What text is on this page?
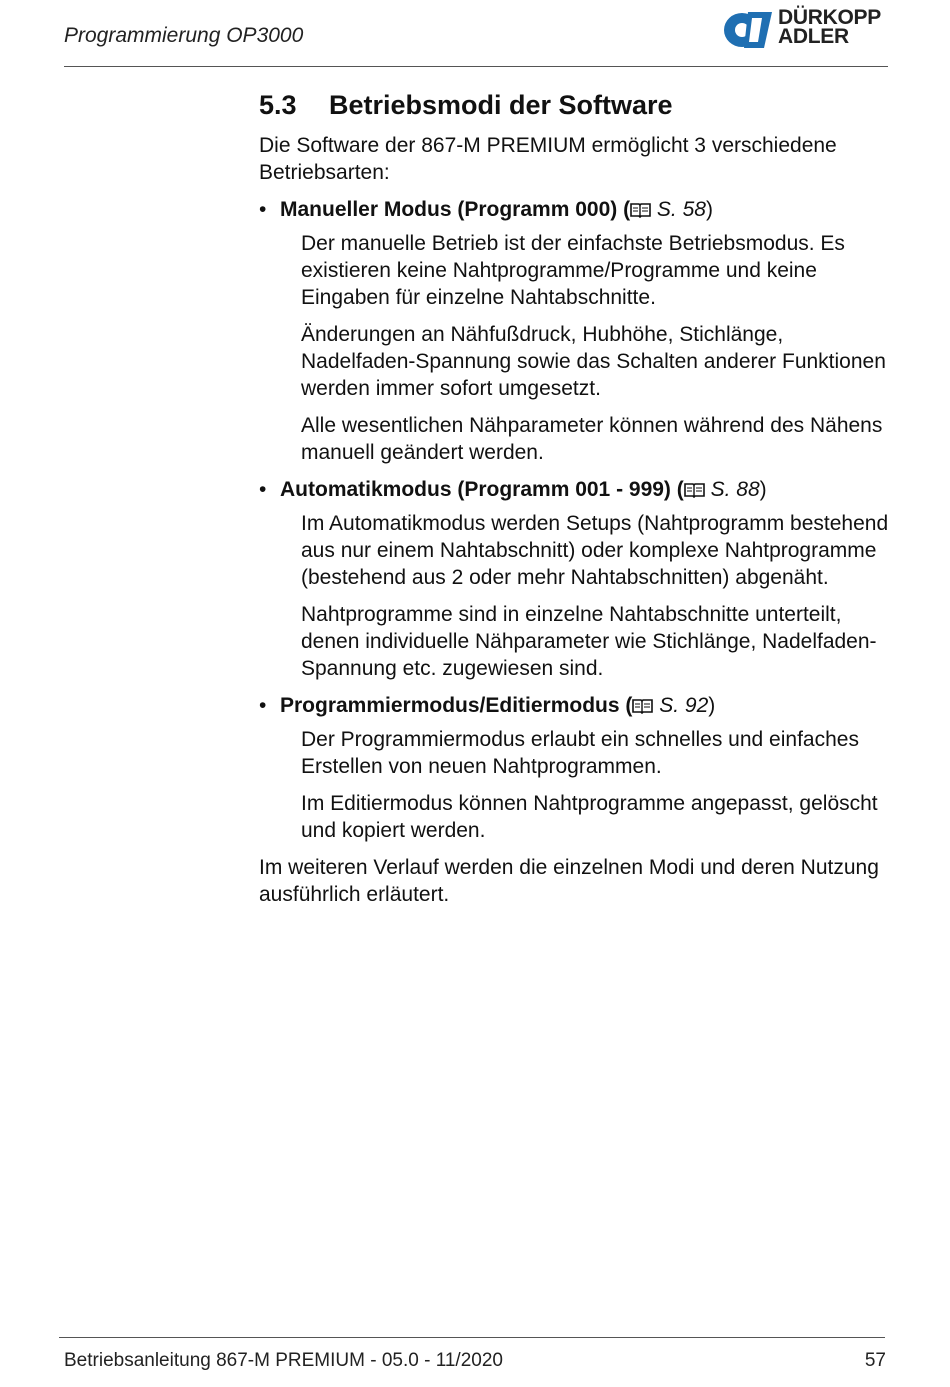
Programmierung OP3000
DÜRKOPP
ADLER
5.3 Betriebsmodi der Software

Die Software der 867-M PREMIUM ermöglicht 3 verschiedene Betriebsarten:

• Manueller Modus (Programm 000) ( S. 58)

Der manuelle Betrieb ist der einfachste Betriebsmodus. Es existieren keine Nahtprogramme/Programme und keine Eingaben für einzelne Nahtabschnitte.

Änderungen an Nähfußdruck, Hubhöhe, Stichlänge, Nadelfaden-Spannung sowie das Schalten anderer Funktionen werden immer sofort umgesetzt.

Alle wesentlichen Nähparameter können während des Nähens manuell geändert werden.

• Automatikmodus (Programm 001 - 999) ( S. 88)

Im Automatikmodus werden Setups (Nahtprogramm bestehend aus nur einem Nahtabschnitt) oder komplexe Nahtprogramme (bestehend aus 2 oder mehr Nahtabschnitten) abgenäht.

Nahtprogramme sind in einzelne Nahtabschnitte unterteilt, denen individuelle Nähparameter wie Stichlänge, Nadelfaden-Spannung etc. zugewiesen sind.

• Programmiermodus/Editiermodus ( S. 92)

Der Programmiermodus erlaubt ein schnelles und einfaches Erstellen von neuen Nahtprogrammen.

Im Editiermodus können Nahtprogramme angepasst, gelöscht und kopiert werden.

Im weiteren Verlauf werden die einzelnen Modi und deren Nutzung ausführlich erläutert.

Betriebsanleitung 867-M PREMIUM - 05.0 - 11/2020	57
